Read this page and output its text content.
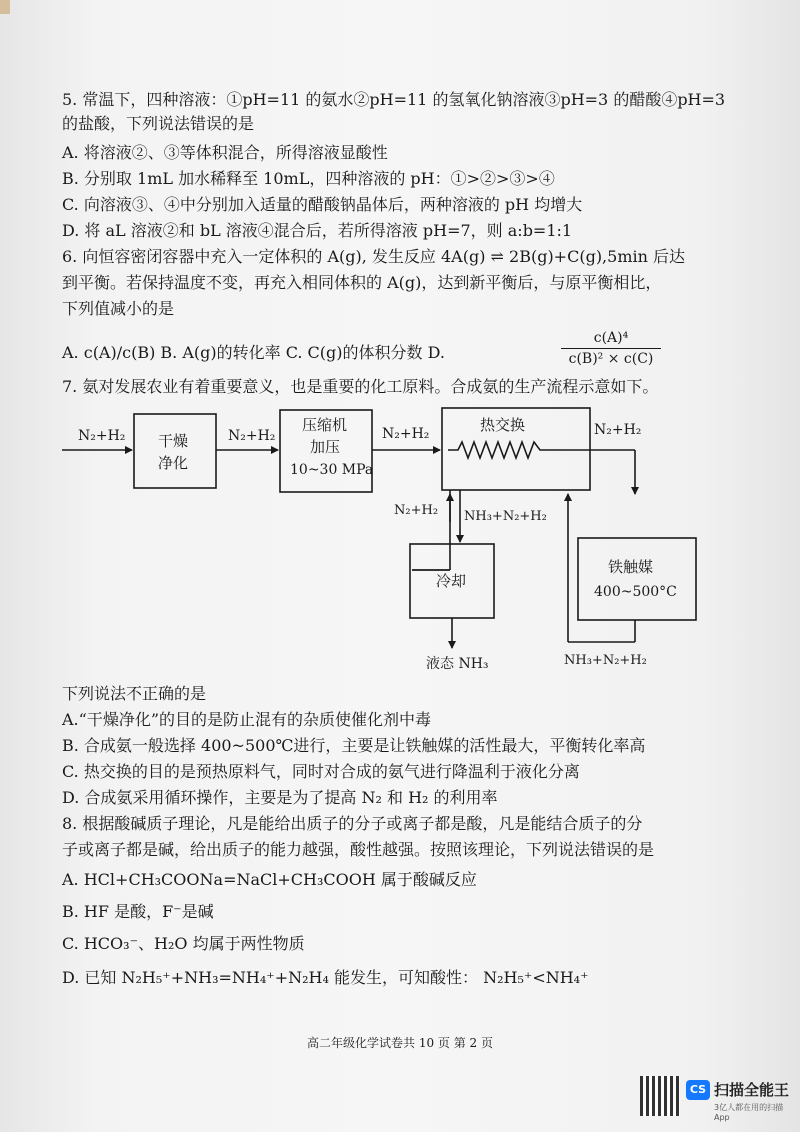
5. 常温下，四种溶液：①pH=11 的氨水②pH=11 的氢氧化钠溶液③pH=3 的醋酸④pH=3
的盐酸，下列说法错误的是
A. 将溶液②、③等体积混合，所得溶液显酸性
B. 分别取 1mL 加水稀释至 10mL，四种溶液的 pH：①>②>③>④
C. 向溶液③、④中分别加入适量的醋酸钠晶体后，两种溶液的 pH 均增大
D. 将 aL 溶液②和 bL 溶液④混合后，若所得溶液 pH=7，则 a:b=1:1
6. 向恒容密闭容器中充入一定体积的 A(g), 发生反应 4A(g) ⇌ 2B(g)+C(g),5min 后达
到平衡。若保持温度不变，再充入相同体积的 A(g)，达到新平衡后，与原平衡相比，
下列值减小的是
A. c(A)/c(B) B. A(g)的转化率 C. C(g)的体积分数 D.	$\frac{\text{c(A)⁴}}{\text{c(B)² × c(C)}}$
7. 氨对发展农业有着重要意义，也是重要的化工原料。合成氨的生产流程示意如下。
N₂+H₂ 干燥
净化
N₂+H₂
压缩机
加压
10~30 MPa
N₂+H₂	热交换	N₂+H₂
N₂+H₂ NH₃+N₂+H₂
冷却
铁触媒
400~500°C
液态 NH₃	NH₃+N₂+H₂
下列说法不正确的是
A.“干燥净化”的目的是防止混有的杂质使催化剂中毒
B. 合成氨一般选择 400~500℃进行，主要是让铁触媒的活性最大，平衡转化率高
C. 热交换的目的是预热原料气，同时对合成的氨气进行降温利于液化分离
D. 合成氨采用循环操作，主要是为了提高 N₂ 和 H₂ 的利用率
8. 根据酸碱质子理论，凡是能给出质子的分子或离子都是酸，凡是能结合质子的分
子或离子都是碱，给出质子的能力越强，酸性越强。按照该理论，下列说法错误的是
A. HCl+CH₃COONa=NaCl+CH₃COOH 属于酸碱反应
B. HF 是酸，F⁻是碱
C. HCO₃⁻、H₂O 均属于两性物质
D. 已知 N₂H₅⁺+NH₃=NH₄⁺+N₂H₄ 能发生，可知酸性： N₂H₅⁺<NH₄⁺
高二年级化学试卷共 10 页 第 2 页
CS 扫描全能王
3亿人都在用的扫描App
